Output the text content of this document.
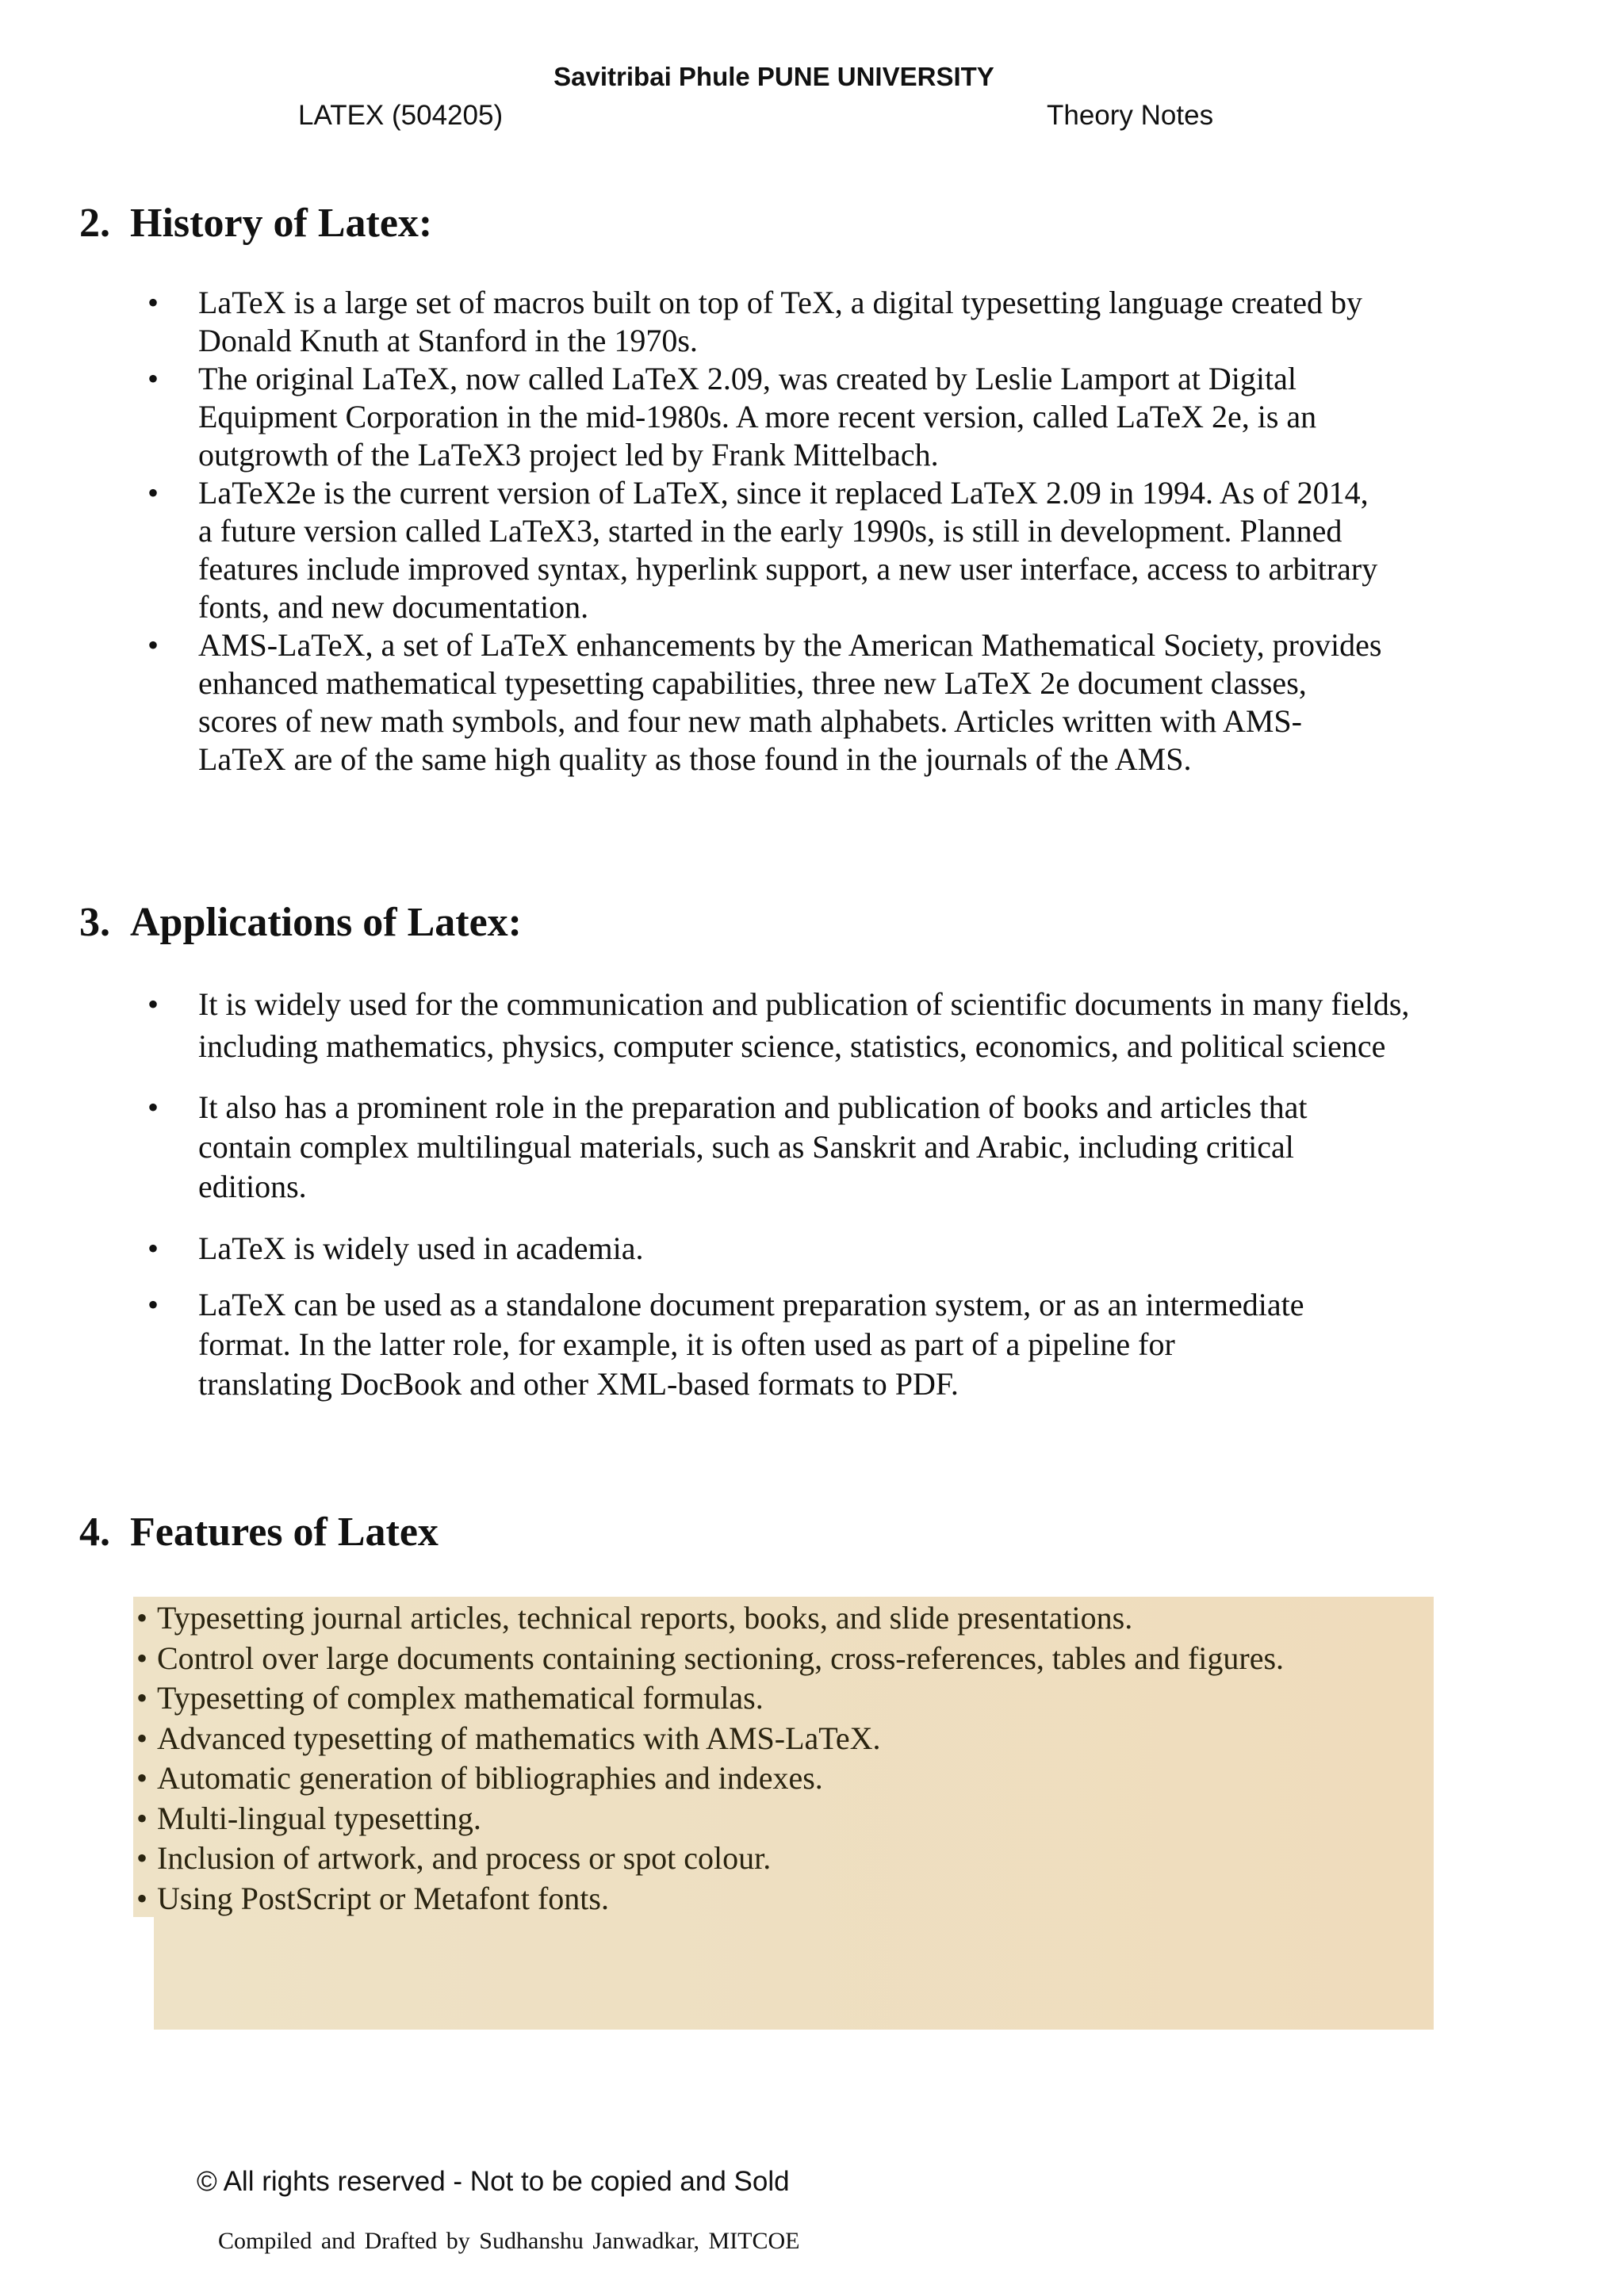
Savitribai Phule PUNE UNIVERSITY
LATEX (504205)	Theory Notes
2. History of Latex:
• LaTeX is a large set of macros built on top of TeX, a digital typesetting language created by
Donald Knuth at Stanford in the 1970s.
• The original LaTeX, now called LaTeX 2.09, was created by Leslie Lamport at Digital
Equipment Corporation in the mid-1980s. A more recent version, called LaTeX 2e, is an
outgrowth of the LaTeX3 project led by Frank Mittelbach.
• LaTeX2e is the current version of LaTeX, since it replaced LaTeX 2.09 in 1994. As of 2014,
a future version called LaTeX3, started in the early 1990s, is still in development. Planned
features include improved syntax, hyperlink support, a new user interface, access to arbitrary
fonts, and new documentation.
• AMS-LaTeX, a set of LaTeX enhancements by the American Mathematical Society, provides
enhanced mathematical typesetting capabilities, three new LaTeX 2e document classes,
scores of new math symbols, and four new math alphabets. Articles written with AMS-
LaTeX are of the same high quality as those found in the journals of the AMS.
3. Applications of Latex:
• It is widely used for the communication and publication of scientific documents in many fields,
including mathematics, physics, computer science, statistics, economics, and political science
• It also has a prominent role in the preparation and publication of books and articles that
contain complex multilingual materials, such as Sanskrit and Arabic, including critical
editions.
• LaTeX is widely used in academia.
• LaTeX can be used as a standalone document preparation system, or as an intermediate
format. In the latter role, for example, it is often used as part of a pipeline for
translating DocBook and other XML-based formats to PDF.
4. Features of Latex
• Typesetting journal articles, technical reports, books, and slide presentations.
• Control over large documents containing sectioning, cross-references, tables and figures.
• Typesetting of complex mathematical formulas.
• Advanced typesetting of mathematics with AMS-LaTeX.
• Automatic generation of bibliographies and indexes.
• Multi-lingual typesetting.
• Inclusion of artwork, and process or spot colour.
• Using PostScript or Metafont fonts.
© All rights reserved - Not to be copied and Sold
Compiled and Drafted by Sudhanshu Janwadkar, MITCOE
